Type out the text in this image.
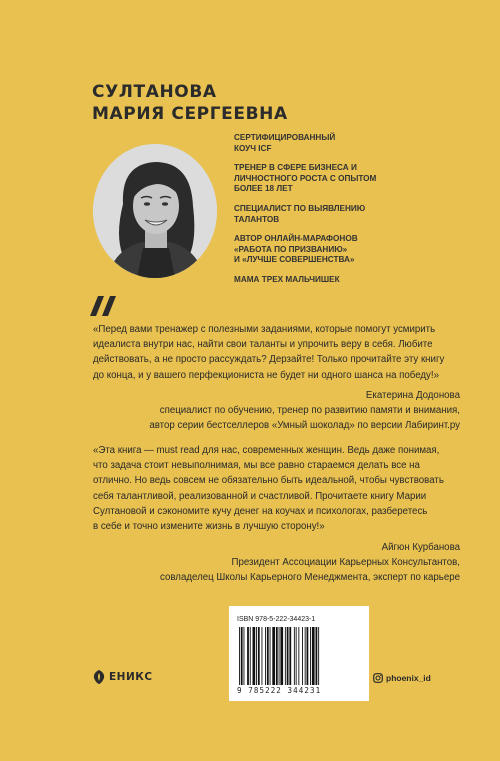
СУЛТАНОВА
МАРИЯ СЕРГЕЕВНА
СЕРТИФИЦИРОВАННЫЙ
КОУЧ ICF
ТРЕНЕР В СФЕРЕ БИЗНЕСА И
ЛИЧНОСТНОГО РОСТА С ОПЫТОМ
БОЛЕЕ 18 ЛЕТ
СПЕЦИАЛИСТ ПО ВЫЯВЛЕНИЮ
ТАЛАНТОВ
АВТОР ОНЛАЙН-МАРАФОНОВ
«РАБОТА ПО ПРИЗВАНИЮ»
И «ЛУЧШЕ СОВЕРШЕНСТВА»
МАМА ТРЕХ МАЛЬЧИШЕК
«Перед вами тренажер с полезными заданиями, которые помогут усмирить
идеалиста внутри нас, найти свои таланты и упрочить веру в себя. Любите
действовать, а не просто рассуждать? Дерзайте! Только прочитайте эту книгу
до конца, и у вашего перфекциониста не будет ни одного шанса на победу!»
Екатерина Додонова
специалист по обучению, тренер по развитию памяти и внимания,
автор серии бестселлеров «Умный шоколад» по версии Лабиринт.ру
«Эта книга — must read для нас, современных женщин. Ведь даже понимая,
что задача стоит невыполнимая, мы все равно стараемся делать все на
отлично. Но ведь совсем не обязательно быть идеальной, чтобы чувствовать
себя талантливой, реализованной и счастливой. Прочитаете книгу Марии
Султановой и сэкономите кучу денег на коучах и психологах, разберетесь
в себе и точно измените жизнь в лучшую сторону!»
Айгюн Курбанова
Президент Ассоциации Карьерных Консультантов,
совладелец Школы Карьерного Менеджмента, эксперт по карьере
ISBN 978-5-222-34423-1
9 785222 344231
ЕНИКС	phoenix_id
